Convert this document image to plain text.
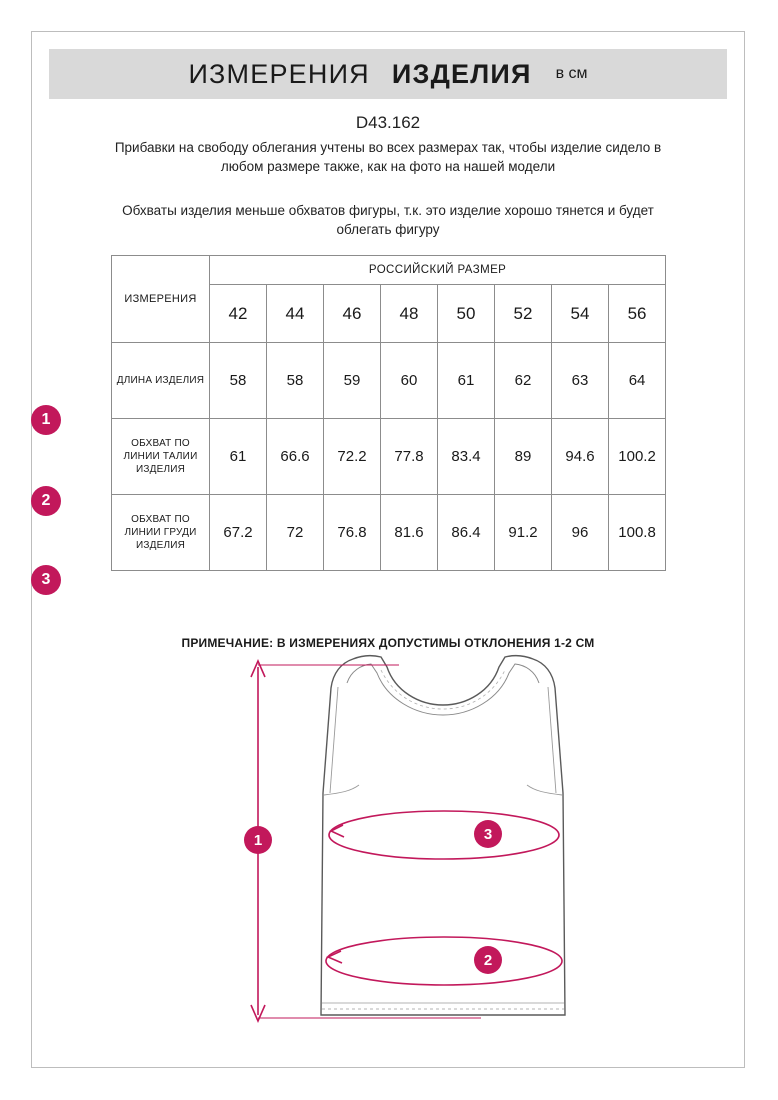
ИЗМЕРЕНИЯ ИЗДЕЛИЯ в см
D43.162
Прибавки на свободу облегания учтены во всех размерах так, чтобы изделие сидело в любом размере также, как на фото на нашей модели
Обхваты изделия меньше обхватов фигуры, т.к. это изделие хорошо тянется и будет облегать фигуру
1
2
3
ИЗМЕРЕНИЯ	РОССИЙСКИЙ РАЗМЕР							
	42	44	46	48	50	52	54	56
ДЛИНА ИЗДЕЛИЯ	58	58	59	60	61	62	63	64
ОБХВАТ ПО ЛИНИИ ТАЛИИ ИЗДЕЛИЯ	61	66.6	72.2	77.8	83.4	89	94.6	100.2
ОБХВАТ ПО ЛИНИИ ГРУДИ ИЗДЕЛИЯ	67.2	72	76.8	81.6	86.4	91.2	96	100.8
ПРИМЕЧАНИЕ: В ИЗМЕРЕНИЯХ ДОПУСТИМЫ ОТКЛОНЕНИЯ 1-2 СМ
1	3
2
